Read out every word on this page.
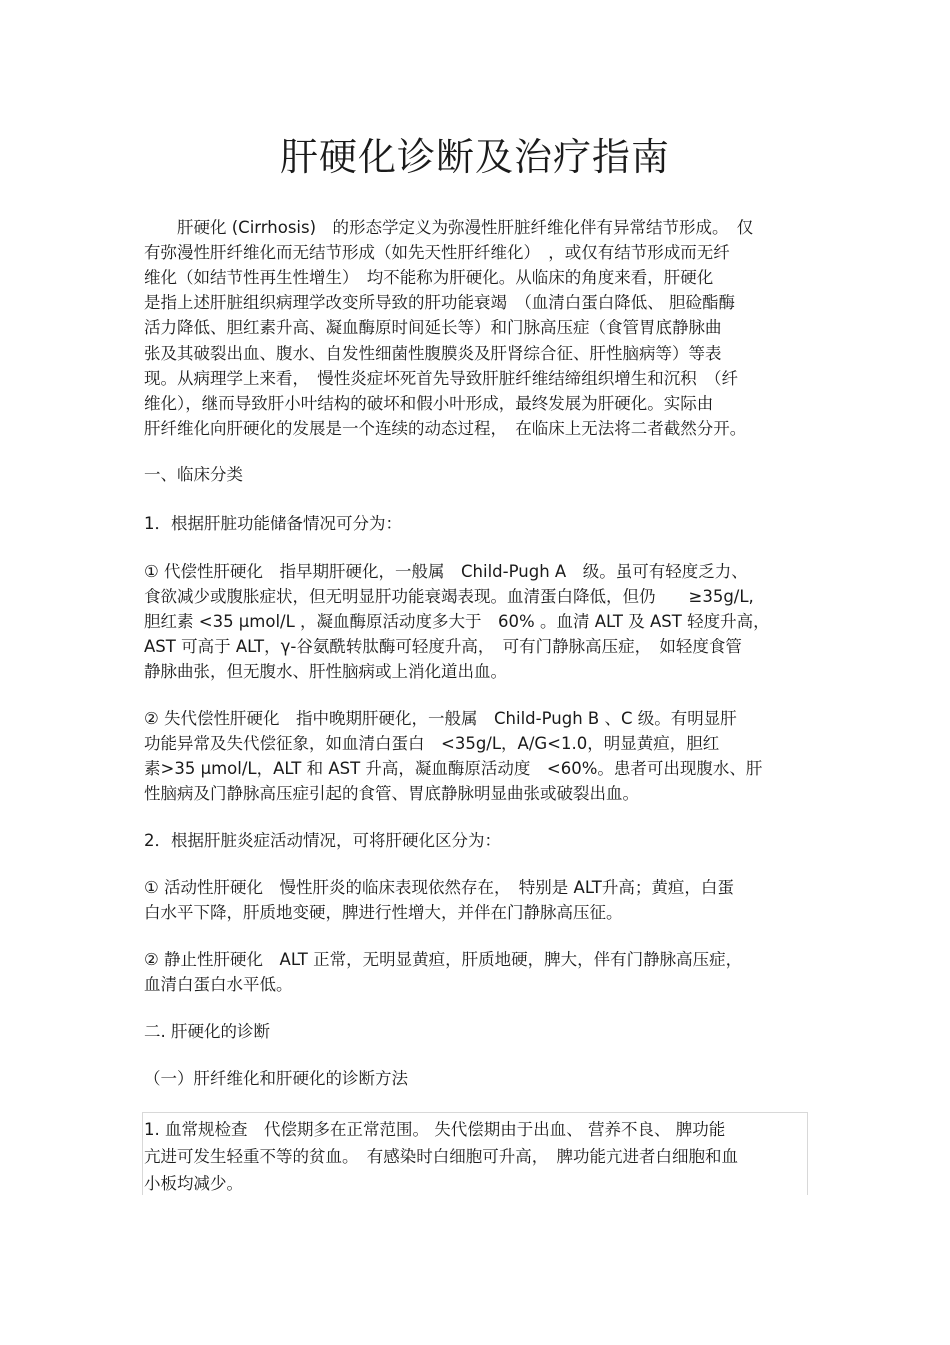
肝硬化诊断及治疗指南
　　肝硬化 (Cirrhosis)　的形态学定义为弥漫性肝脏纤维化伴有异常结节形成。　仅
有弥漫性肝纤维化而无结节形成（如先天性肝纤维化）　，或仅有结节形成而无纤
维化（如结节性再生性增生）　均不能称为肝硬化。从临床的角度来看，肝硬化
是指上述肝脏组织病理学改变所导致的肝功能衰竭　（血清白蛋白降低、 胆硷酯酶
活力降低、胆红素升高、凝血酶原时间延长等）和门脉高压症（食管胃底静脉曲
张及其破裂出血、腹水、自发性细菌性腹膜炎及肝肾综合征、肝性脑病等）等表
现。从病理学上来看，　慢性炎症坏死首先导致肝脏纤维结缔组织增生和沉积　（纤
维化），继而导致肝小叶结构的破坏和假小叶形成，最终发展为肝硬化。实际由
肝纤维化向肝硬化的发展是一个连续的动态过程，　在临床上无法将二者截然分开。
一、临床分类
1．根据肝脏功能储备情况可分为：
① 代偿性肝硬化　指早期肝硬化，一般属　Child-Pugh A　级。虽可有轻度乏力、
食欲减少或腹胀症状，但无明显肝功能衰竭表现。血清蛋白降低，但仍　　≥35g/L,
胆红素 <35 μmol/L ，凝血酶原活动度多大于　60% 。血清 ALT 及 AST 轻度升高，
AST 可高于 ALT，γ-谷氨酰转肽酶可轻度升高，　可有门静脉高压症，　如轻度食管
静脉曲张，但无腹水、肝性脑病或上消化道出血。
② 失代偿性肝硬化　指中晚期肝硬化，一般属　Child-Pugh B 、C 级。有明显肝
功能异常及失代偿征象，如血清白蛋白　<35g/L，A/G<1.0，明显黄疸，胆红
素>35 μmol/L，ALT 和 AST 升高，凝血酶原活动度　<60%。患者可出现腹水、肝
性脑病及门静脉高压症引起的食管、胃底静脉明显曲张或破裂出血。
2．根据肝脏炎症活动情况，可将肝硬化区分为：
① 活动性肝硬化　慢性肝炎的临床表现依然存在，　特别是 ALT升高；黄疸，白蛋
白水平下降，肝质地变硬，脾进行性增大，并伴在门静脉高压征。
② 静止性肝硬化　ALT 正常，无明显黄疸，肝质地硬，脾大，伴有门静脉高压症，
血清白蛋白水平低。
二. 肝硬化的诊断
（一）肝纤维化和肝硬化的诊断方法
1. 血常规检查　代偿期多在正常范围。 失代偿期由于出血、 营养不良、 脾功能
亢进可发生轻重不等的贫血。　有感染时白细胞可升高，　脾功能亢进者白细胞和血
小板均减少。
